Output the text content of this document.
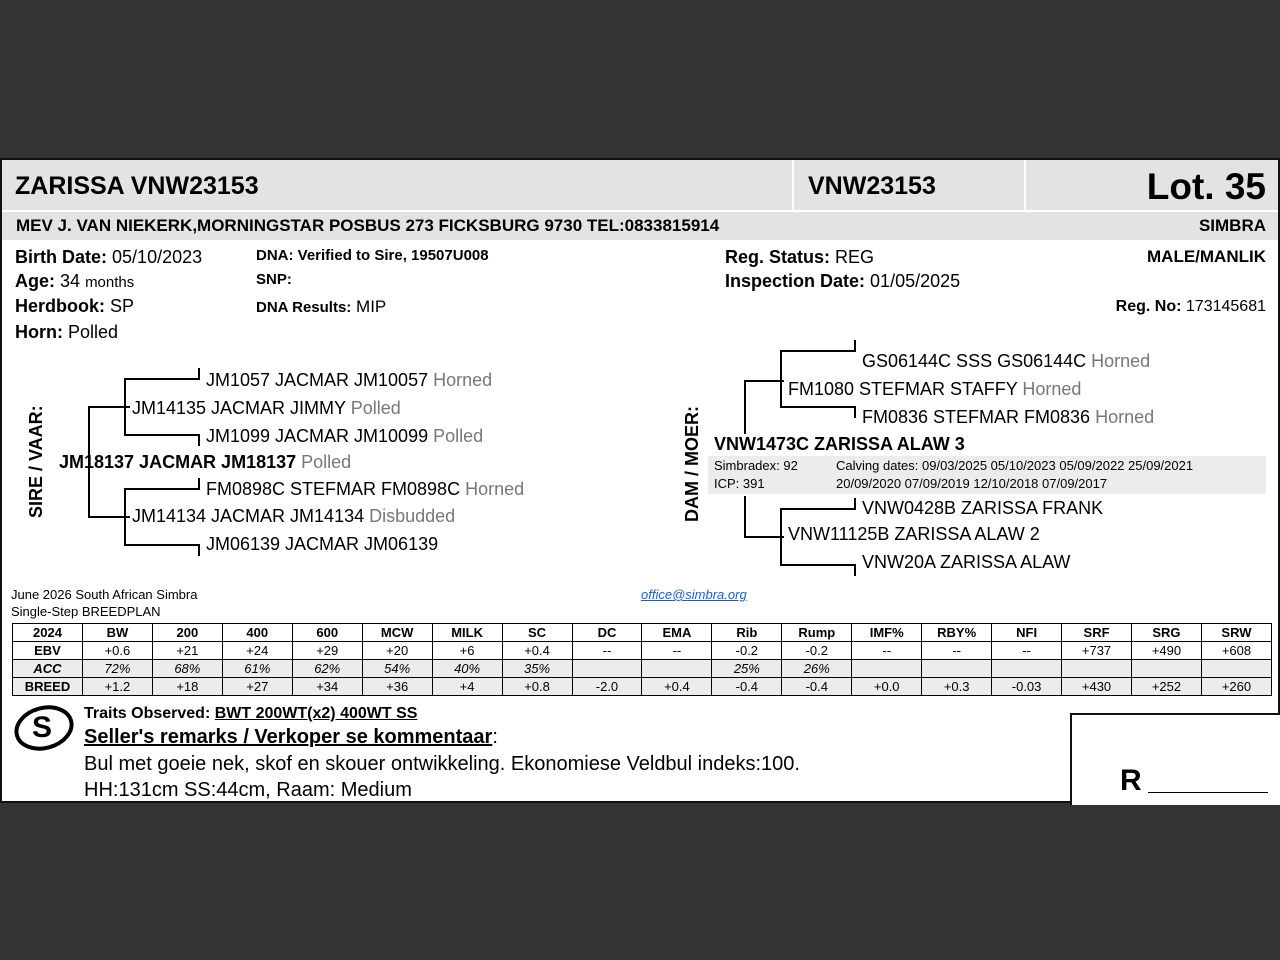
ZARISSA VNW23153	VNW23153	Lot. 35
MEV J. VAN NIEKERK,MORNINGSTAR POSBUS 273 FICKSBURG 9730 TEL:0833815914	SIMBRA
Birth Date: 05/10/2023
Age: 34 months
Herdbook: SP
Horn: Polled
DNA: Verified to Sire, 19507U008
SNP:
DNA Results: MIP
Reg. Status: REG
Inspection Date: 01/05/2025
MALE/MANLIK
Reg. No: 173145681
SIRE / VAAR:
JM1057 JACMAR JM10057 Horned
JM14135 JACMAR JIMMY Polled
JM1099 JACMAR JM10099 Polled
JM18137 JACMAR JM18137 Polled
FM0898C STEFMAR FM0898C Horned
JM14134 JACMAR JM14134 Disbudded
JM06139 JACMAR JM06139
DAM / MOER:
GS06144C SSS GS06144C Horned
FM1080 STEFMAR STAFFY Horned
FM0836 STEFMAR FM0836 Horned
VNW1473C ZARISSA ALAW 3
Simbradex: 92
ICP: 391
Calving dates: 09/03/2025 05/10/2023 05/09/2022 25/09/2021
20/09/2020 07/09/2019 12/10/2018 07/09/2017
VNW0428B ZARISSA FRANK
VNW11125B ZARISSA ALAW 2
VNW20A ZARISSA ALAW
June 2026 South African Simbra
Single-Step BREEDPLAN
office@simbra.org
2024	BW	200	400	600	MCW	MILK	SC	DC	EMA	Rib	Rump	IMF%	RBY%	NFI	SRF	SRG	SRW
EBV	+0.6	+21	+24	+29	+20	+6	+0.4	--	--	-0.2	-0.2	--	--	--	+737	+490	+608
ACC	72%	68%	61%	62%	54%	40%	35%			25%	26%						
BREED	+1.2	+18	+27	+34	+36	+4	+0.8	-2.0	+0.4	-0.4	-0.4	+0.0	+0.3	-0.03	+430	+252	+260
S Traits Observed: BWT 200WT(x2) 400WT SS
Seller's remarks / Verkoper se kommentaar:
Bul met goeie nek, skof en skouer ontwikkeling. Ekonomiese Veldbul indeks:100.
HH:131cm SS:44cm, Raam: Medium	R
